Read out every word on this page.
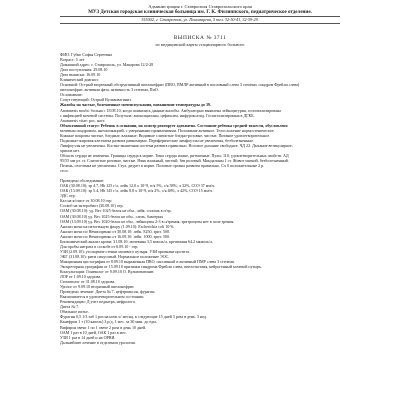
Администрация г. Ставрополя Ставропольского края
МУЗ Детская городская клиническая больница им. Г. К. Филиппского, педиатрическое отделение.
355002, г. Ставрополь, ул. Пономарева, 5 тел. 32-50-41, 32-59-29.
ВЫПИСКА № 3711
из медицинской карты стационарного больного
ФИО: Губко Софья Сергеевна
Возраст: 5 лет
Домашний адрес: г. Ставрополь, ул. Макарова 12/2-28
Дата поступления: 29.08.10
Дата выписки: 16.09.10
Клинический диагноз:
Основной: Острый вторичный обструктивный пиелонефрит (ПВО, ПМЛР активный в пассивный слева 3 степени, синдром Фрейли слева)
пиелонефрит, активная фаза, активность 3 степени, ПиО.
Осложнение:
Сопутствующий: Острый Вульвовагинит.
Жалобы на частые, болезненные мочеиспускания, повышение температуры до 39.
Anamnesis morbi: больна с 18.08.10, когда появились данные жалобы. Амбулаторно выявлена лейкоцитурия, госпитализирована
с инфекцией мочевой системы. Получала: амоксициллин, цефиксим, нифуроксазид. Госпитализирована в ДГКБ.
Anamnesis vitae: рос. наст.
Объективный статус: Ребенок в сознании, на осмотр реагирует адекватно. Состояние ребенка средней тяжести, обусловлено
мочевым синдромом, интоксикацией, с умеренными проявлениями. Положение активное. Телосложение нормостеническое.
Кожные покровы чистые, бледные, влажные. Видимые слизистые бледно-розовые, чистые. Питание удовлетворительное.
Подкожно-жировая клетчатка развита равномерно. Периферические лимфоузлы не увеличены, безболезненные.
Лимфоузлы не увеличены. Костно-мышечная система развита правильно. Носовое дыхание свободное. ЧД 22. Дыхание везикулярное,
хрипов нет.
Область сердца не изменена. Границы сердца в норме. Тоны сердца ясные, ритмичные. Пульс 110, удовлетворительных свойств. АД
95/55 мм рт. ст. Слизистые розовые, чистые. Язык влажный, чистый. Зев розовый. Миндалины 1 ст. Живот мягкий, безболезненный.
Печень, селезенка не увеличены. Стул, диурез в норме. Половые органы развиты правильно. Сч 0 положительные 2 р.
стол.
Проведено обследование:
ОАК (30.08.10): эр 4.7, Hb 125 г/л, лейк 12,0 х 10^9, п/я 5%, с/я 58%, л 32%, СОЭ 37 мм/ч.
ОАК (13.09.10): эр 5.4, Hb 145 г/л, лейк 8,8 х 10^9, п/я 2%, с/я 48%, л 42%, СОЭ 15 мм/ч.
ЭДС отр.
Кал на я/глист от 30.08.10 отр.
Соскоб на энтеробиоз (30.08.10) отр.
ОАМ (30.08.10): уд. Вес 1025 белок не обн., лейк. сплошь в п/зр.
ОАМ (30.08.10) уд. Вес 1025 белок не обн., слизь, бактерии
ОАМ (13.09.10) уд. Вес 1020 белок не обн., лейкоциты 2-3 в п/зрения, эритроциты нет в поле зрения.
Анализ мочи на патогенную флору (1.09.10): Escherichia coli 10^6.
Анализ мочи по Нечипоренко от 30.08.10: лейк. 8250, эрит. 500.
Анализ мочи по Нечипоренко от 16.09.10: лейк. 1000, эрит. 500.
Биохимический анализ крови: 31.08.10: мочевина 3,5 ммоль/л, креатинин 64,2 мкмоль/л.
Для пробы нитрата в соскобе от 6.09.10 - отр.
УЗИ (2.09.10): утолщение стенки мочевого пузыря. УЗИ признаки цистита.
ЭКГ (31.08.10): ритм синусовый. Нормальное положение ЭОС.
Микционная цистография от 8.09.10 выраженная ПВО, пассивный и активный ПМР слева 3 степени.
Экскреторная урография от 15.09.10 признаки синдрома Фрейли слева, пиелоэктазия, нейрогенный мочевой пузырь.
Консультации: Гинеколог от 9.09.10 О. Вульвовагинит.
ЛОР от 1.09.10 здорова.
Стоматолог от 31.08.10 здорова.
Уролог от 9.09.10 вторичный пиелонефрит.
Проведено лечение: Диета № 7, цефтриаксон, фурагин.
Выписывается в удовлетворительном состоянии.
Рекомендации: Д учет педиатра, нефролога.
Диета № 7.
Обильное питье.
Фурагин 0,5 1/3 таб 1 раз на ночь ч/ месяц, в следующие 15 дней 3 раза в день. 3 нед.
Канефрон 1 т (10 капель) 3 р/д, 1 мес. за 30 мин. до еды.
Вифирон свечи 1 по 1 свече 2 раза в день 10 дней.
ОАМ 1 раз в 10 дней, ОАК 1 раз в мес.
УЗИ 1 раз в 14 дней и на ОРВИ.
Дальнейшее лечение в отделении урологии.
